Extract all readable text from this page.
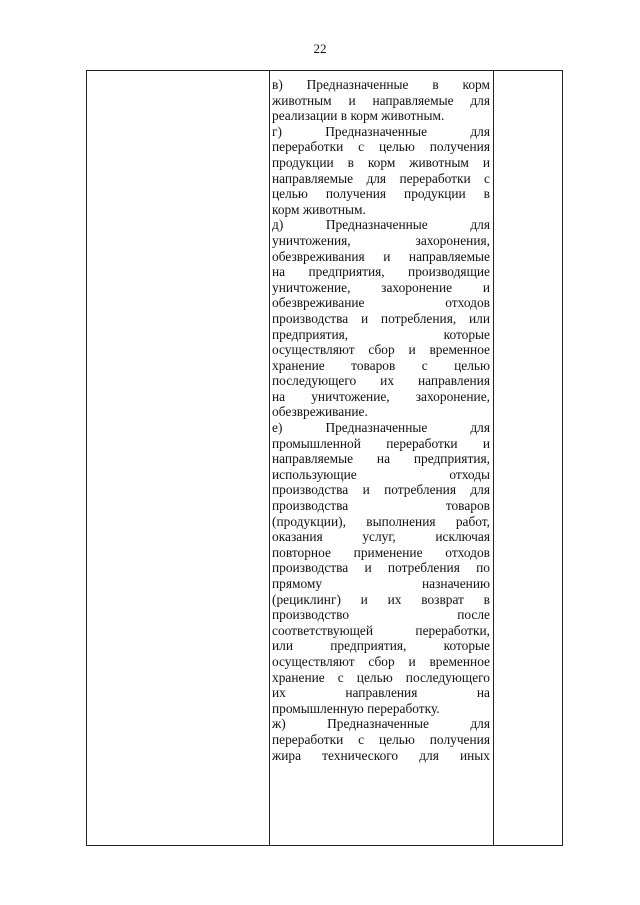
22
в) Предназначенные в корм
животным и направляемые для
реализации в корм животным.
г) Предназначенные для
переработки с целью получения
продукции в корм животным и
направляемые для переработки с
целью получения продукции в
корм животным.
д) Предназначенные для
уничтожения, захоронения,
обезвреживания и направляемые
на предприятия, производящие
уничтожение, захоронение и
обезвреживание отходов
производства и потребления, или
предприятия, которые
осуществляют сбор и временное
хранение товаров с целью
последующего их направления
на уничтожение, захоронение,
обезвреживание.
е) Предназначенные для
промышленной переработки и
направляемые на предприятия,
использующие отходы
производства и потребления для
производства товаров
(продукции), выполнения работ,
оказания услуг, исключая
повторное применение отходов
производства и потребления по
прямому назначению
(рециклинг) и их возврат в
производство после
соответствующей переработки,
или предприятия, которые
осуществляют сбор и временное
хранение с целью последующего
их направления на
промышленную переработку.
ж) Предназначенные для
переработки с целью получения
жира технического для иных
